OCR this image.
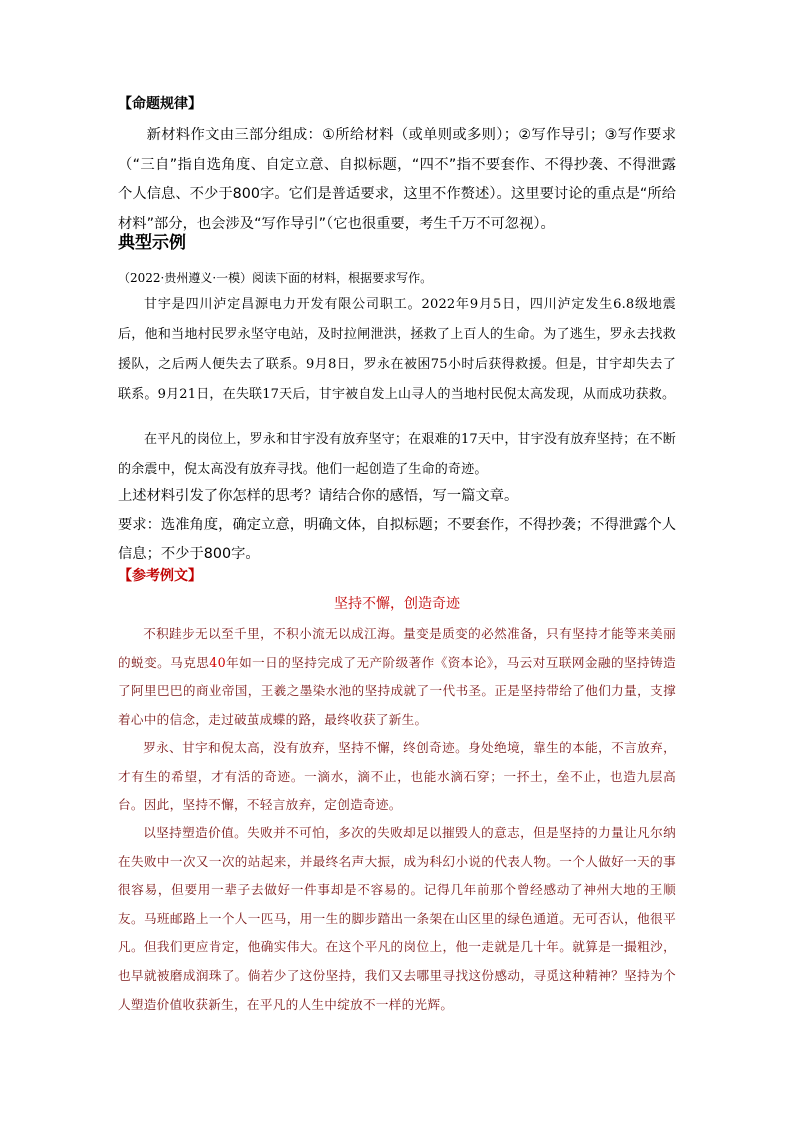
【命题规律】
新材料作文由三部分组成：①所给材料（或单则或多则）；②写作导引；③写作要求（“三自”指自选角度、自定立意、自拟标题，“四不”指不要套作、不得抄袭、不得泄露个人信息、不少于800字。它们是普适要求，这里不作赘述）。这里要讨论的重点是“所给材料”部分，也会涉及“写作导引”（它也很重要，考生千万不可忽视）。
典型示例
（2022·贵州遵义·一模）阅读下面的材料，根据要求写作。
甘宇是四川泸定昌源电力开发有限公司职工。2022年9月5日，四川泸定发生6.8级地震后，他和当地村民罗永坚守电站，及时拉闸泄洪，拯救了上百人的生命。为了逃生，罗永去找救援队，之后两人便失去了联系。9月8日，罗永在被困75小时后获得救援。但是，甘宇却失去了联系。9月21日，在失联17天后，甘宇被自发上山寻人的当地村民倪太高发现，从而成功获救。
在平凡的岗位上，罗永和甘宇没有放弃坚守；在艰难的17天中，甘宇没有放弃坚持；在不断的余震中，倪太高没有放弃寻找。他们一起创造了生命的奇迹。
上述材料引发了你怎样的思考？请结合你的感悟，写一篇文章。
要求：选准角度，确定立意，明确文体，自拟标题；不要套作，不得抄袭；不得泄露个人信息；不少于800字。
【参考例文】
坚持不懈，创造奇迹
不积跬步无以至千里，不积小流无以成江海。量变是质变的必然准备，只有坚持才能等来美丽的蜕变。马克思40年如一日的坚持完成了无产阶级著作《资本论》，马云对互联网金融的坚持铸造了阿里巴巴的商业帝国，王羲之墨染水池的坚持成就了一代书圣。正是坚持带给了他们力量，支撑着心中的信念，走过破茧成蝶的路，最终收获了新生。
罗永、甘宇和倪太高，没有放弃，坚持不懈，终创奇迹。身处绝境，靠生的本能，不言放弃，才有生的希望，才有活的奇迹。一滴水，滴不止，也能水滴石穿；一抔土，垒不止，也造九层高台。因此，坚持不懈，不轻言放弃，定创造奇迹。
以坚持塑造价值。失败并不可怕，多次的失败却足以摧毁人的意志，但是坚持的力量让凡尔纳在失败中一次又一次的站起来，并最终名声大振，成为科幻小说的代表人物。一个人做好一天的事很容易，但要用一辈子去做好一件事却是不容易的。记得几年前那个曾经感动了神州大地的王顺友。马班邮路上一个人一匹马，用一生的脚步踏出一条架在山区里的绿色通道。无可否认，他很平凡。但我们更应肯定，他确实伟大。在这个平凡的岗位上，他一走就是几十年。就算是一撮粗沙，也早就被磨成润珠了。倘若少了这份坚持，我们又去哪里寻找这份感动，寻觅这种精神？坚持为个人塑造价值收获新生，在平凡的人生中绽放不一样的光辉。
